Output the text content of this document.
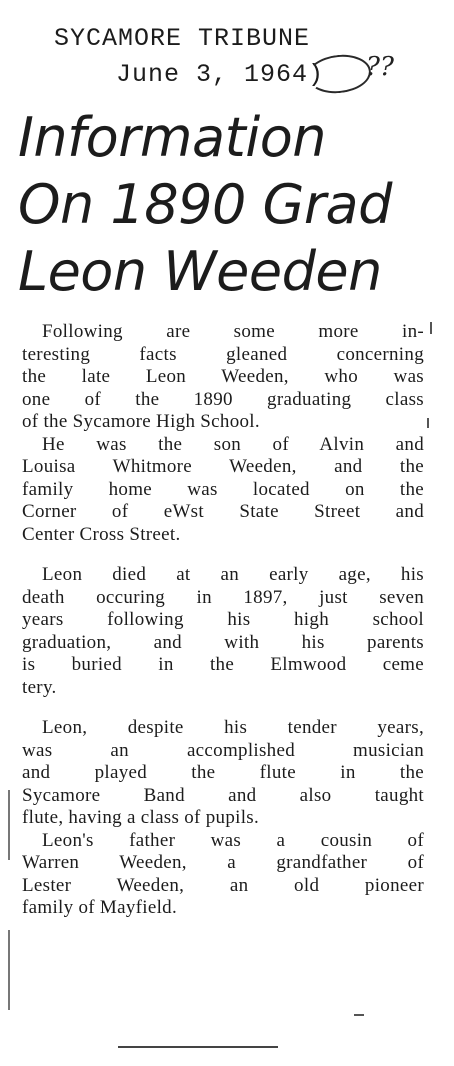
SYCAMORE TRIBUNE
June 3, 1964) ??
Information
On 1890 Grad
Leon Weeden

Following are some more in-
teresting facts gleaned concerning
the late Leon Weeden, who was
one of the 1890 graduating class
of the Sycamore High School.

He was the son of Alvin and
Louisa Whitmore Weeden, and the
family home was located on the
Corner of eWst State Street and
Center Cross Street.

Leon died at an early age, his
death occuring in 1897, just seven
years following his high school
graduation, and with his parents
is buried in the Elmwood ceme
tery.

Leon, despite his tender years,
was an accomplished musician
and played the flute in the
Sycamore Band and also taught
flute, having a class of pupils.

Leon's father was a cousin of
Warren Weeden, a grandfather of
Lester Weeden, an old pioneer
family of Mayfield.
